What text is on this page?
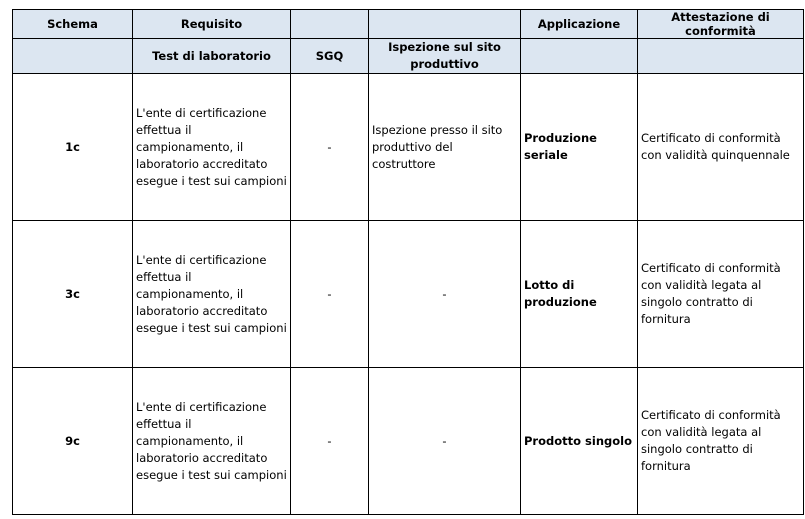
Schema	Requisito			Applicazione	Attestazione di conformità
	Test di laboratorio	SGQ	Ispezione sul sito produttivo		
1c	L'ente di certificazione effettua il campionamento, il laboratorio accreditato esegue i test sui campioni	-	Ispezione presso il sito produttivo del costruttore	Produzione seriale	Certificato di conformità con validità quinquennale
3c	L'ente di certificazione effettua il campionamento, il laboratorio accreditato esegue i test sui campioni	-	-	Lotto di produzione	Certificato di conformità con validità legata al singolo contratto di fornitura
9c	L'ente di certificazione effettua il campionamento, il laboratorio accreditato esegue i test sui campioni	-	-	Prodotto singolo	Certificato di conformità con validità legata al singolo contratto di fornitura
